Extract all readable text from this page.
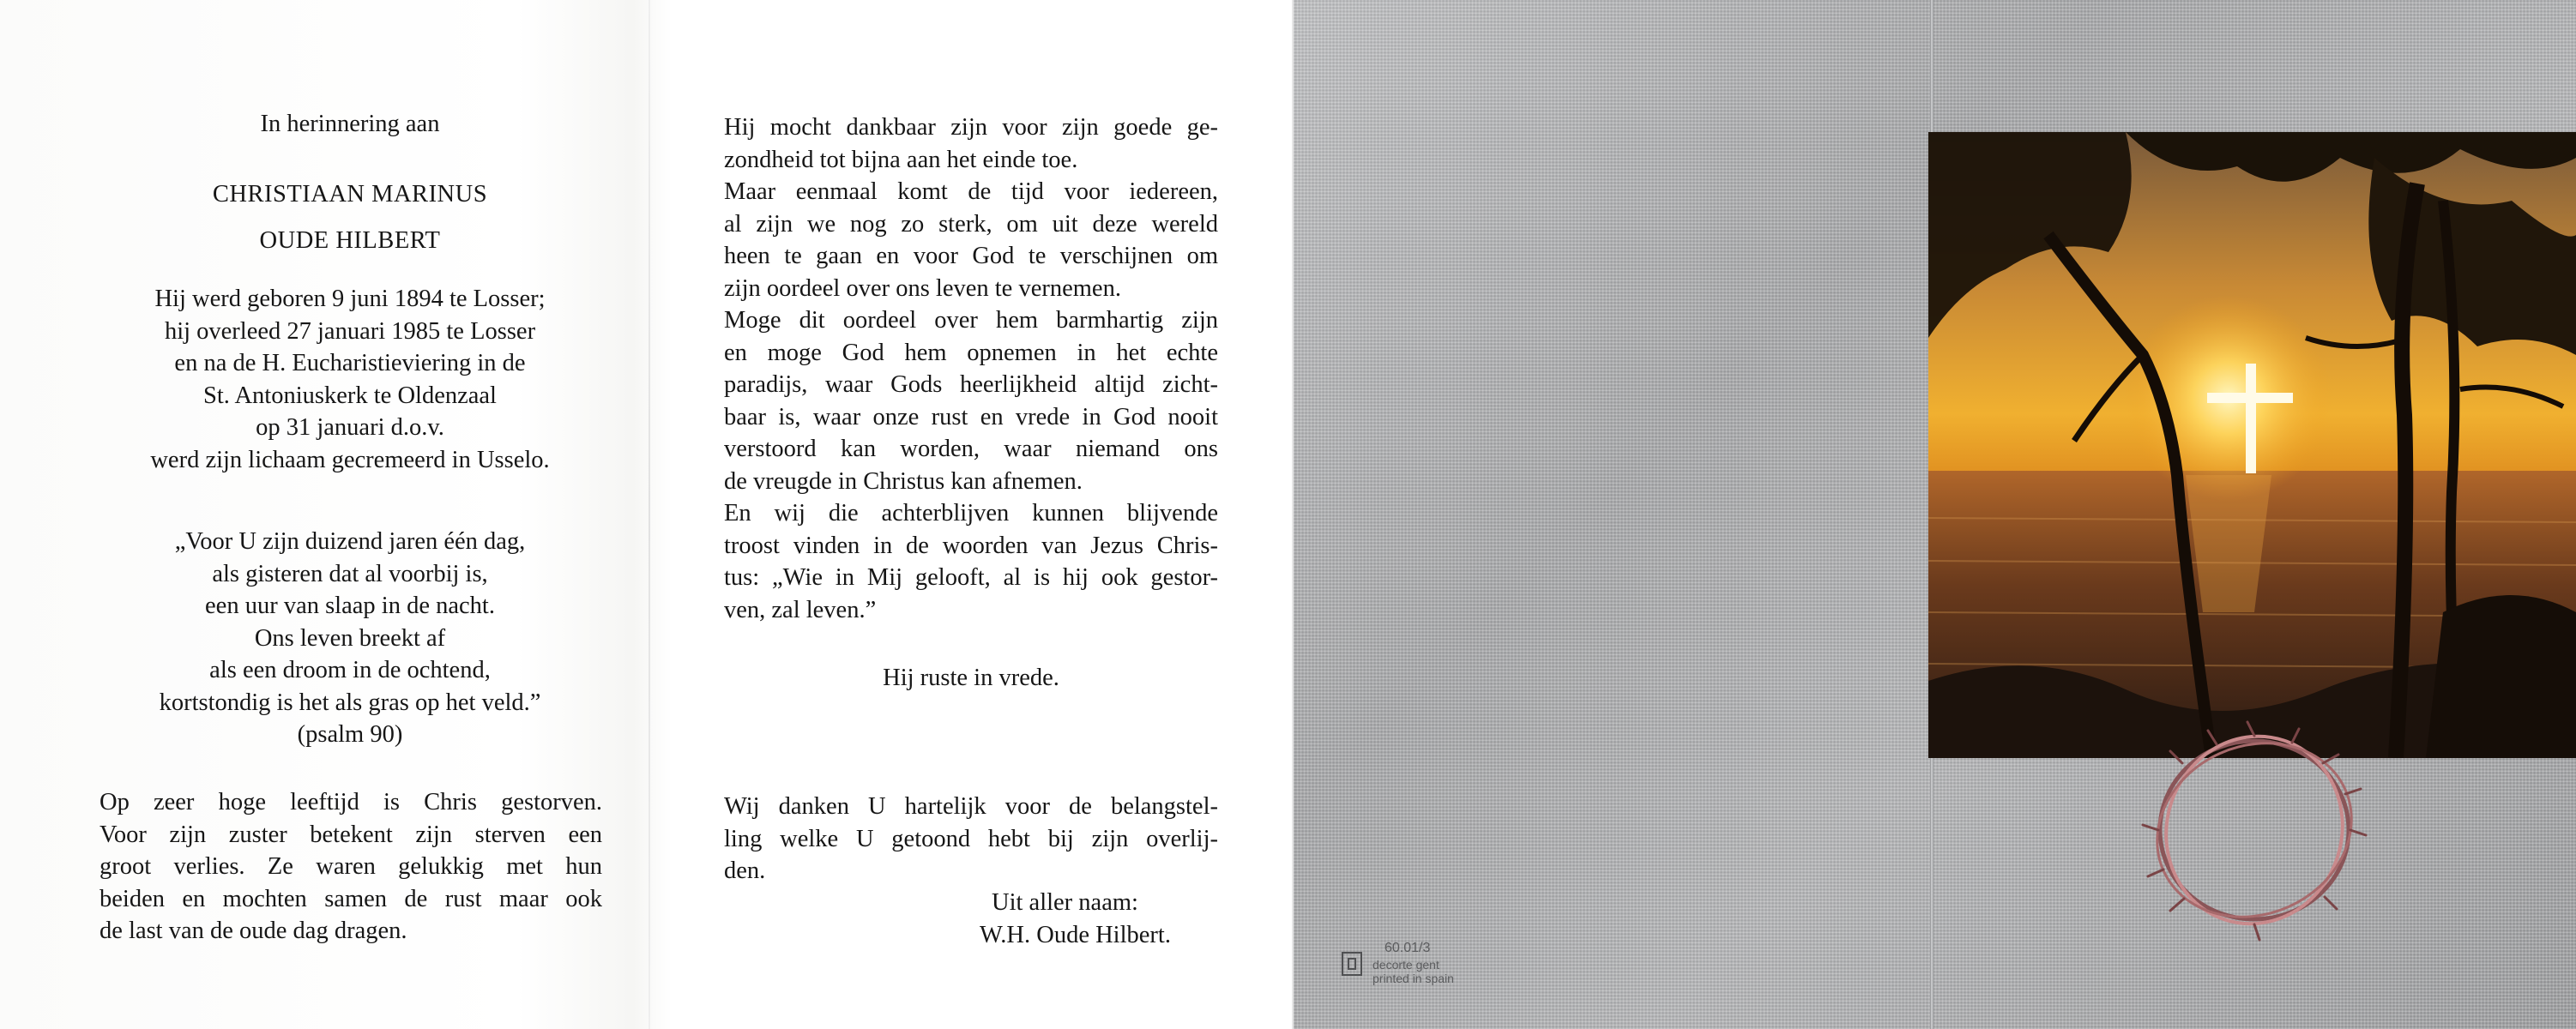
In herinnering aan

CHRISTIAAN MARINUS

OUDE HILBERT

Hij werd geboren 9 juni 1894 te Losser;

hij overleed 27 januari 1985 te Losser

en na de H. Eucharistieviering in de

St. Antoniuskerk te Oldenzaal

op 31 januari d.o.v.

werd zijn lichaam gecremeerd in Usselo.

„Voor U zijn duizend jaren één dag,

als gisteren dat al voorbij is,

een uur van slaap in de nacht.

Ons leven breekt af

als een droom in de ochtend,

kortstondig is het als gras op het veld.”

(psalm 90)

Op zeer hoge leeftijd is Chris gestorven.

Voor zijn zuster betekent zijn sterven een

groot verlies. Ze waren gelukkig met hun

beiden en mochten samen de rust maar ook

de last van de oude dag dragen.

Hij mocht dankbaar zijn voor zijn goede ge-

zondheid tot bijna aan het einde toe.

Maar eenmaal komt de tijd voor iedereen,

al zijn we nog zo sterk, om uit deze wereld

heen te gaan en voor God te verschijnen om

zijn oordeel over ons leven te vernemen.

Moge dit oordeel over hem barmhartig zijn

en moge God hem opnemen in het echte

paradijs, waar Gods heerlijkheid altijd zicht-

baar is, waar onze rust en vrede in God nooit

verstoord kan worden, waar niemand ons

de vreugde in Christus kan afnemen.

En wij die achterblijven kunnen blijvende

troost vinden in de woorden van Jezus Chris-

tus: „Wie in Mij gelooft, al is hij ook gestor-

ven, zal leven.”

Hij ruste in vrede.

Wij danken U hartelijk voor de belangstel-

ling welke U getoond hebt bij zijn overlij-

den.

Uit aller naam:

W.H. Oude Hilbert.	60.01/3
decorte gent
printed in spain
